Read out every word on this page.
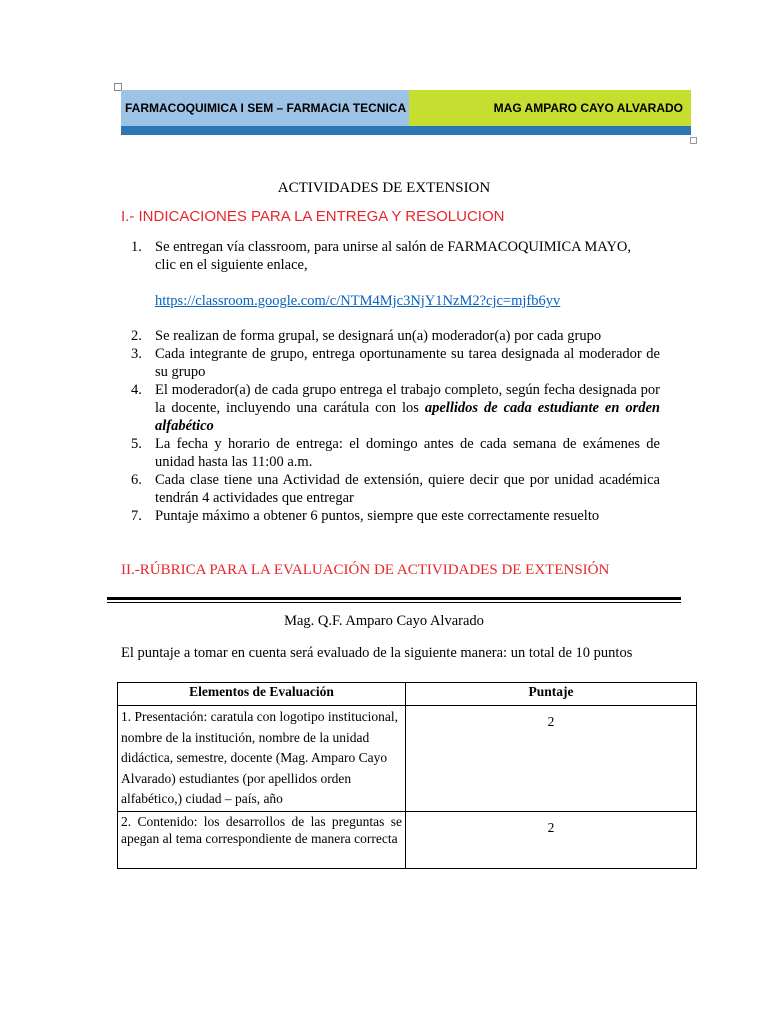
FARMACOQUIMICA I SEM – FARMACIA TECNICA	MAG AMPARO CAYO ALVARADO
ACTIVIDADES DE EXTENSION
I.- INDICACIONES PARA LA ENTREGA Y RESOLUCION
1. Se entregan vía classroom, para unirse al salón de FARMACOQUIMICA MAYO,
clic en el siguiente enlace,
https://classroom.google.com/c/NTM4Mjc3NjY1NzM2?cjc=mjfb6yv
2. Se realizan de forma grupal, se designará un(a) moderador(a) por cada grupo
3. Cada integrante de grupo, entrega oportunamente su tarea designada al moderador de su grupo
4. El moderador(a) de cada grupo entrega el trabajo completo, según fecha designada por la docente, incluyendo una carátula con los apellidos de cada estudiante en orden alfabético
5. La fecha y horario de entrega: el domingo antes de cada semana de exámenes de unidad hasta las 11:00 a.m.
6. Cada clase tiene una Actividad de extensión, quiere decir que por unidad académica tendrán 4 actividades que entregar
7. Puntaje máximo a obtener 6 puntos, siempre que este correctamente resuelto
II.-RÚBRICA PARA LA EVALUACIÓN DE ACTIVIDADES DE EXTENSIÓN
Mag. Q.F. Amparo Cayo Alvarado
El puntaje a tomar en cuenta será evaluado de la siguiente manera: un total de 10 puntos
Elementos de Evaluación	Puntaje
1. Presentación: caratula con logotipo institucional, nombre de la institución, nombre de la unidad didáctica, semestre, docente (Mag. Amparo Cayo Alvarado) estudiantes (por apellidos orden alfabético,) ciudad – país, año	2
2. Contenido: los desarrollos de las preguntas se apegan al tema correspondiente de manera correcta	2
